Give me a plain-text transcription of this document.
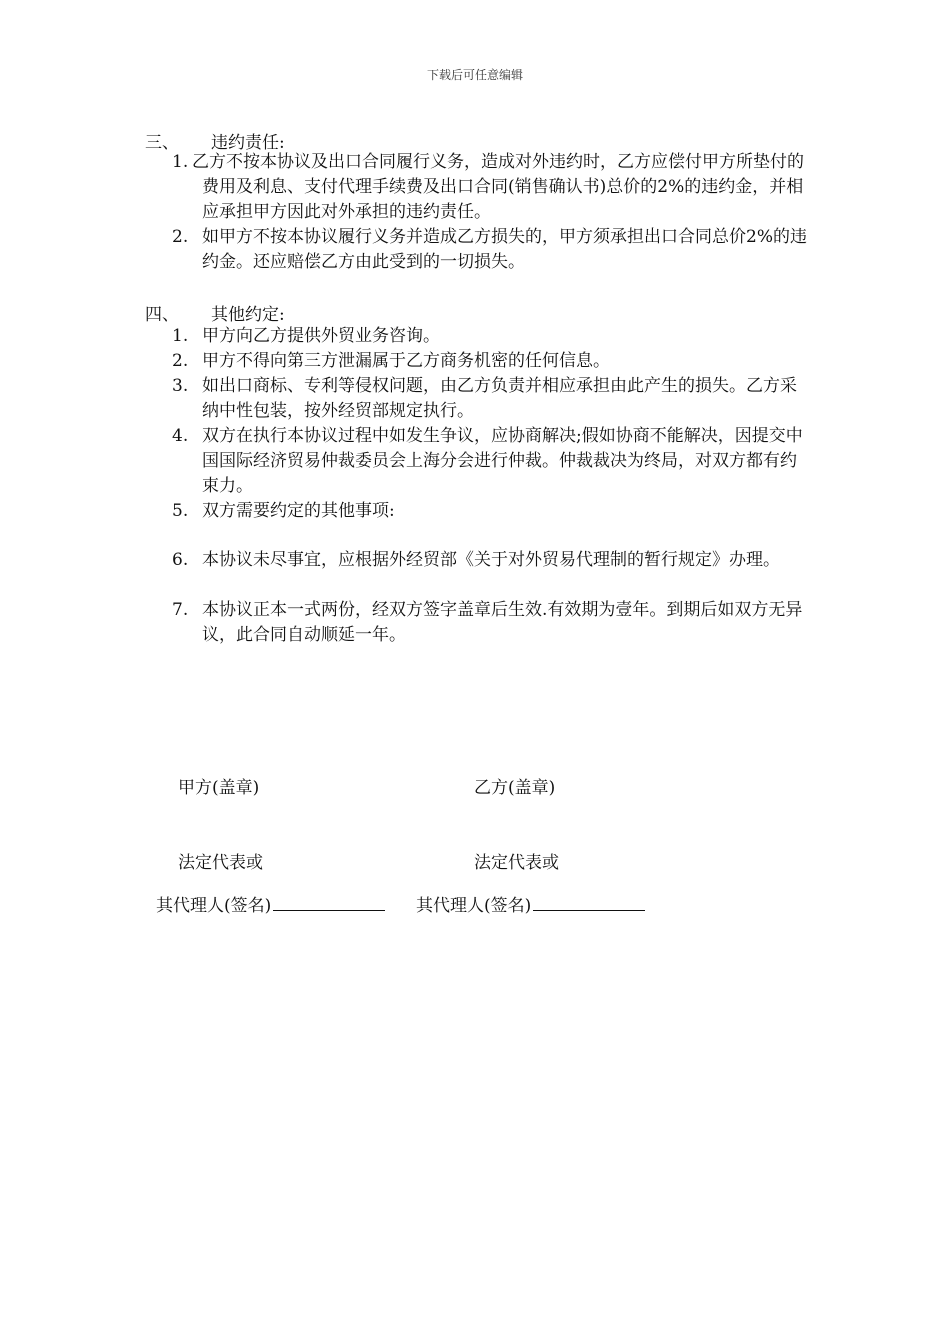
下载后可任意编辑
三、 违约责任:
1. 乙方不按本协议及出口合同履行义务，造成对外违约时，乙方应偿付甲方所垫付的费用及利息、支付代理手续费及出口合同(销售确认书)总价的2%的违约金，并相应承担甲方因此对外承担的违约责任。
2. 如甲方不按本协议履行义务并造成乙方损失的，甲方须承担出口合同总价2%的违约金。还应赔偿乙方由此受到的一切损失。
四、 其他约定:
1. 甲方向乙方提供外贸业务咨询。
2. 甲方不得向第三方泄漏属于乙方商务机密的任何信息。
3. 如出口商标、专利等侵权问题，由乙方负责并相应承担由此产生的损失。乙方采纳中性包装，按外经贸部规定执行。
4. 双方在执行本协议过程中如发生争议，应协商解决;假如协商不能解决，因提交中国国际经济贸易仲裁委员会上海分会进行仲裁。仲裁裁决为终局，对双方都有约束力。
5. 双方需要约定的其他事项:
6. 本协议未尽事宜，应根据外经贸部《关于对外贸易代理制的暂行规定》办理。
7. 本协议正本一式两份，经双方签字盖章后生效.有效期为壹年。到期后如双方无异议，此合同自动顺延一年。
甲方(盖章)	乙方(盖章)
法定代表或	法定代表或
其代理人(签名)	其代理人(签名)
